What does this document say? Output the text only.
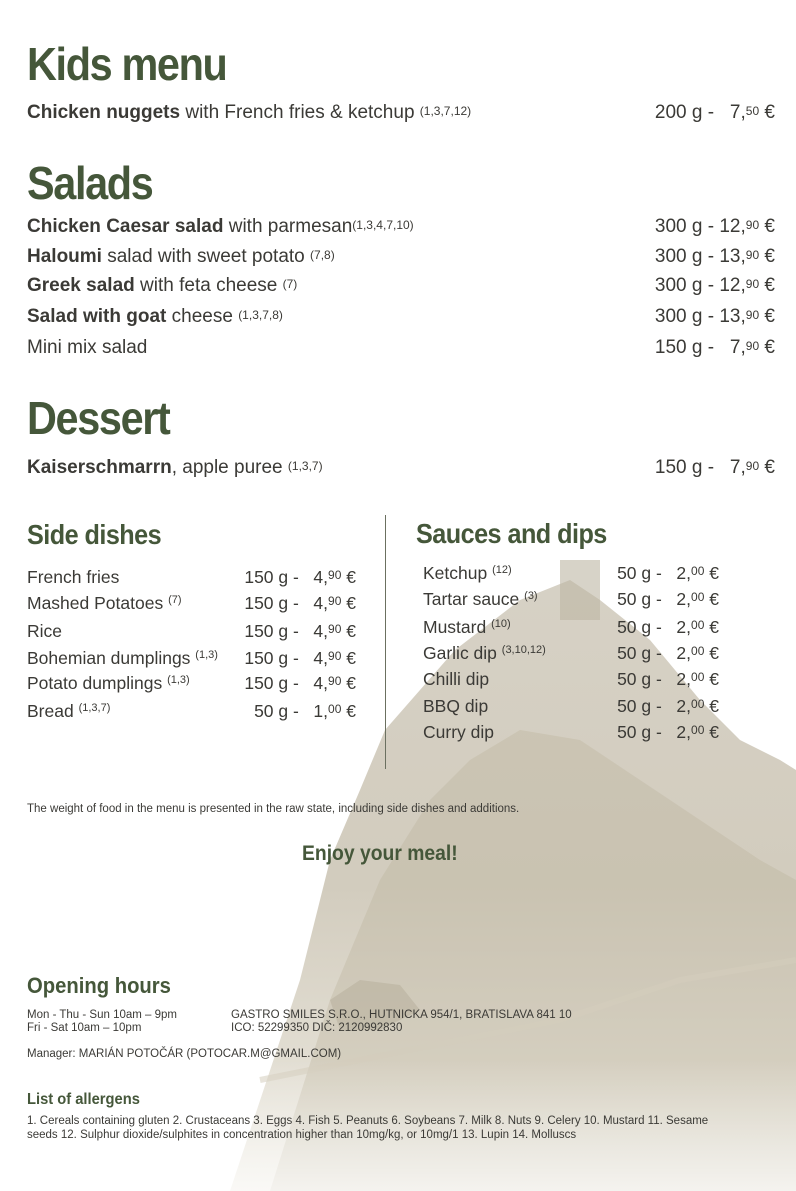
Kids menu
Chicken nuggets with French fries & ketchup $^{(1,3,7,12)}$	200 g - 7,50 €
Salads
Chicken Caesar salad with parmesan$^{(1,3,4,7,10)}$	300 g - 12,90 €
Haloumi salad with sweet potato $^{(7,8)}$	300 g - 13,90 €
Greek salad with feta cheese $^{(7)}$	300 g - 12,90 €
Salad with goat cheese $^{(1,3,7,8)}$	300 g - 13,90 €
Mini mix salad	150 g - 7,90 €
Dessert
Kaiserschmarrn, apple puree $^{(1,3,7)}$	150 g - 7,90 €
Side dishes
French fries	150 g - 4,90 €
Mashed Potatoes $^{(7)}$	150 g - 4,90 €
Rice	150 g - 4,90 €
Bohemian dumplings $^{(1,3)}$ 150 g - 4,90 €
Potato dumplings $^{(1,3)}$	150 g - 4,90 €
Bread $^{(1,3,7)}$	50 g - 1,00 €
Sauces and dips
Ketchup $^{(12)}$	50 g - 2,00 €
Tartar sauce $^{(3)}$	50 g - 2,00 €
Mustard $^{(10)}$	50 g - 2,00 €
Garlic dip $^{(3,10,12)}$	50 g - 2,00 €
Chilli dip	50 g - 2,00 €
BBQ dip	50 g - 2,00 €
Curry dip	50 g - 2,00 €
The weight of food in the menu is presented in the raw state, including side dishes and additions.
Enjoy your meal!
Opening hours
Mon - Thu - Sun 10am – 9pm
Fri - Sat 10am – 10pm
GASTRO SMILES S.R.O., HUTNICKA 954/1, BRATISLAVA 841 10
ICO: 52299350 DIČ: 2120992830
Manager: MARIÁN POTOČÁR (POTOCAR.M@GMAIL.COM)
List of allergens
1. Cereals containing gluten 2. Crustaceans 3. Eggs 4. Fish 5. Peanuts 6. Soybeans 7. Milk 8. Nuts 9. Celery 10. Mustard 11. Sesame
seeds 12. Sulphur dioxide/sulphites in concentration higher than 10mg/kg, or 10mg/1 13. Lupin 14. Molluscs
